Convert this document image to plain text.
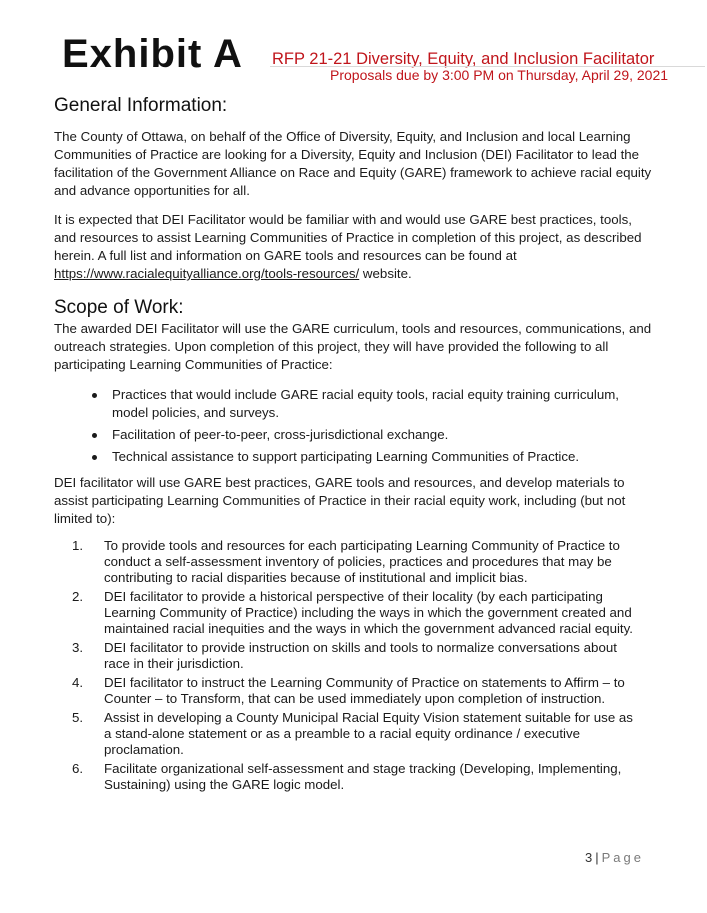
Exhibit A RFP 21-21 Diversity, Equity, and Inclusion Facilitator
Proposals due by 3:00 PM on Thursday, April 29, 2021
General Information:
The County of Ottawa, on behalf of the Office of Diversity, Equity, and Inclusion and local Learning Communities of Practice are looking for a Diversity, Equity and Inclusion (DEI) Facilitator to lead the facilitation of the Government Alliance on Race and Equity (GARE) framework to achieve racial equity and advance opportunities for all.
It is expected that DEI Facilitator would be familiar with and would use GARE best practices, tools, and resources to assist Learning Communities of Practice in completion of this project, as described herein. A full list and information on GARE tools and resources can be found at https://www.racialequityalliance.org/tools-resources/ website.
Scope of Work:
The awarded DEI Facilitator will use the GARE curriculum, tools and resources, communications, and outreach strategies. Upon completion of this project, they will have provided the following to all participating Learning Communities of Practice:
Practices that would include GARE racial equity tools, racial equity training curriculum, model policies, and surveys.
Facilitation of peer-to-peer, cross-jurisdictional exchange.
Technical assistance to support participating Learning Communities of Practice.
DEI facilitator will use GARE best practices, GARE tools and resources, and develop materials to assist participating Learning Communities of Practice in their racial equity work, including (but not limited to):
1. To provide tools and resources for each participating Learning Community of Practice to conduct a self-assessment inventory of policies, practices and procedures that may be contributing to racial disparities because of institutional and implicit bias.
2. DEI facilitator to provide a historical perspective of their locality (by each participating Learning Community of Practice) including the ways in which the government created and maintained racial inequities and the ways in which the government advanced racial equity.
3. DEI facilitator to provide instruction on skills and tools to normalize conversations about race in their jurisdiction.
4. DEI facilitator to instruct the Learning Community of Practice on statements to Affirm – to Counter – to Transform, that can be used immediately upon completion of instruction.
5. Assist in developing a County Municipal Racial Equity Vision statement suitable for use as a stand-alone statement or as a preamble to a racial equity ordinance / executive proclamation.
6. Facilitate organizational self-assessment and stage tracking (Developing, Implementing, Sustaining) using the GARE logic model.
3 | Page
